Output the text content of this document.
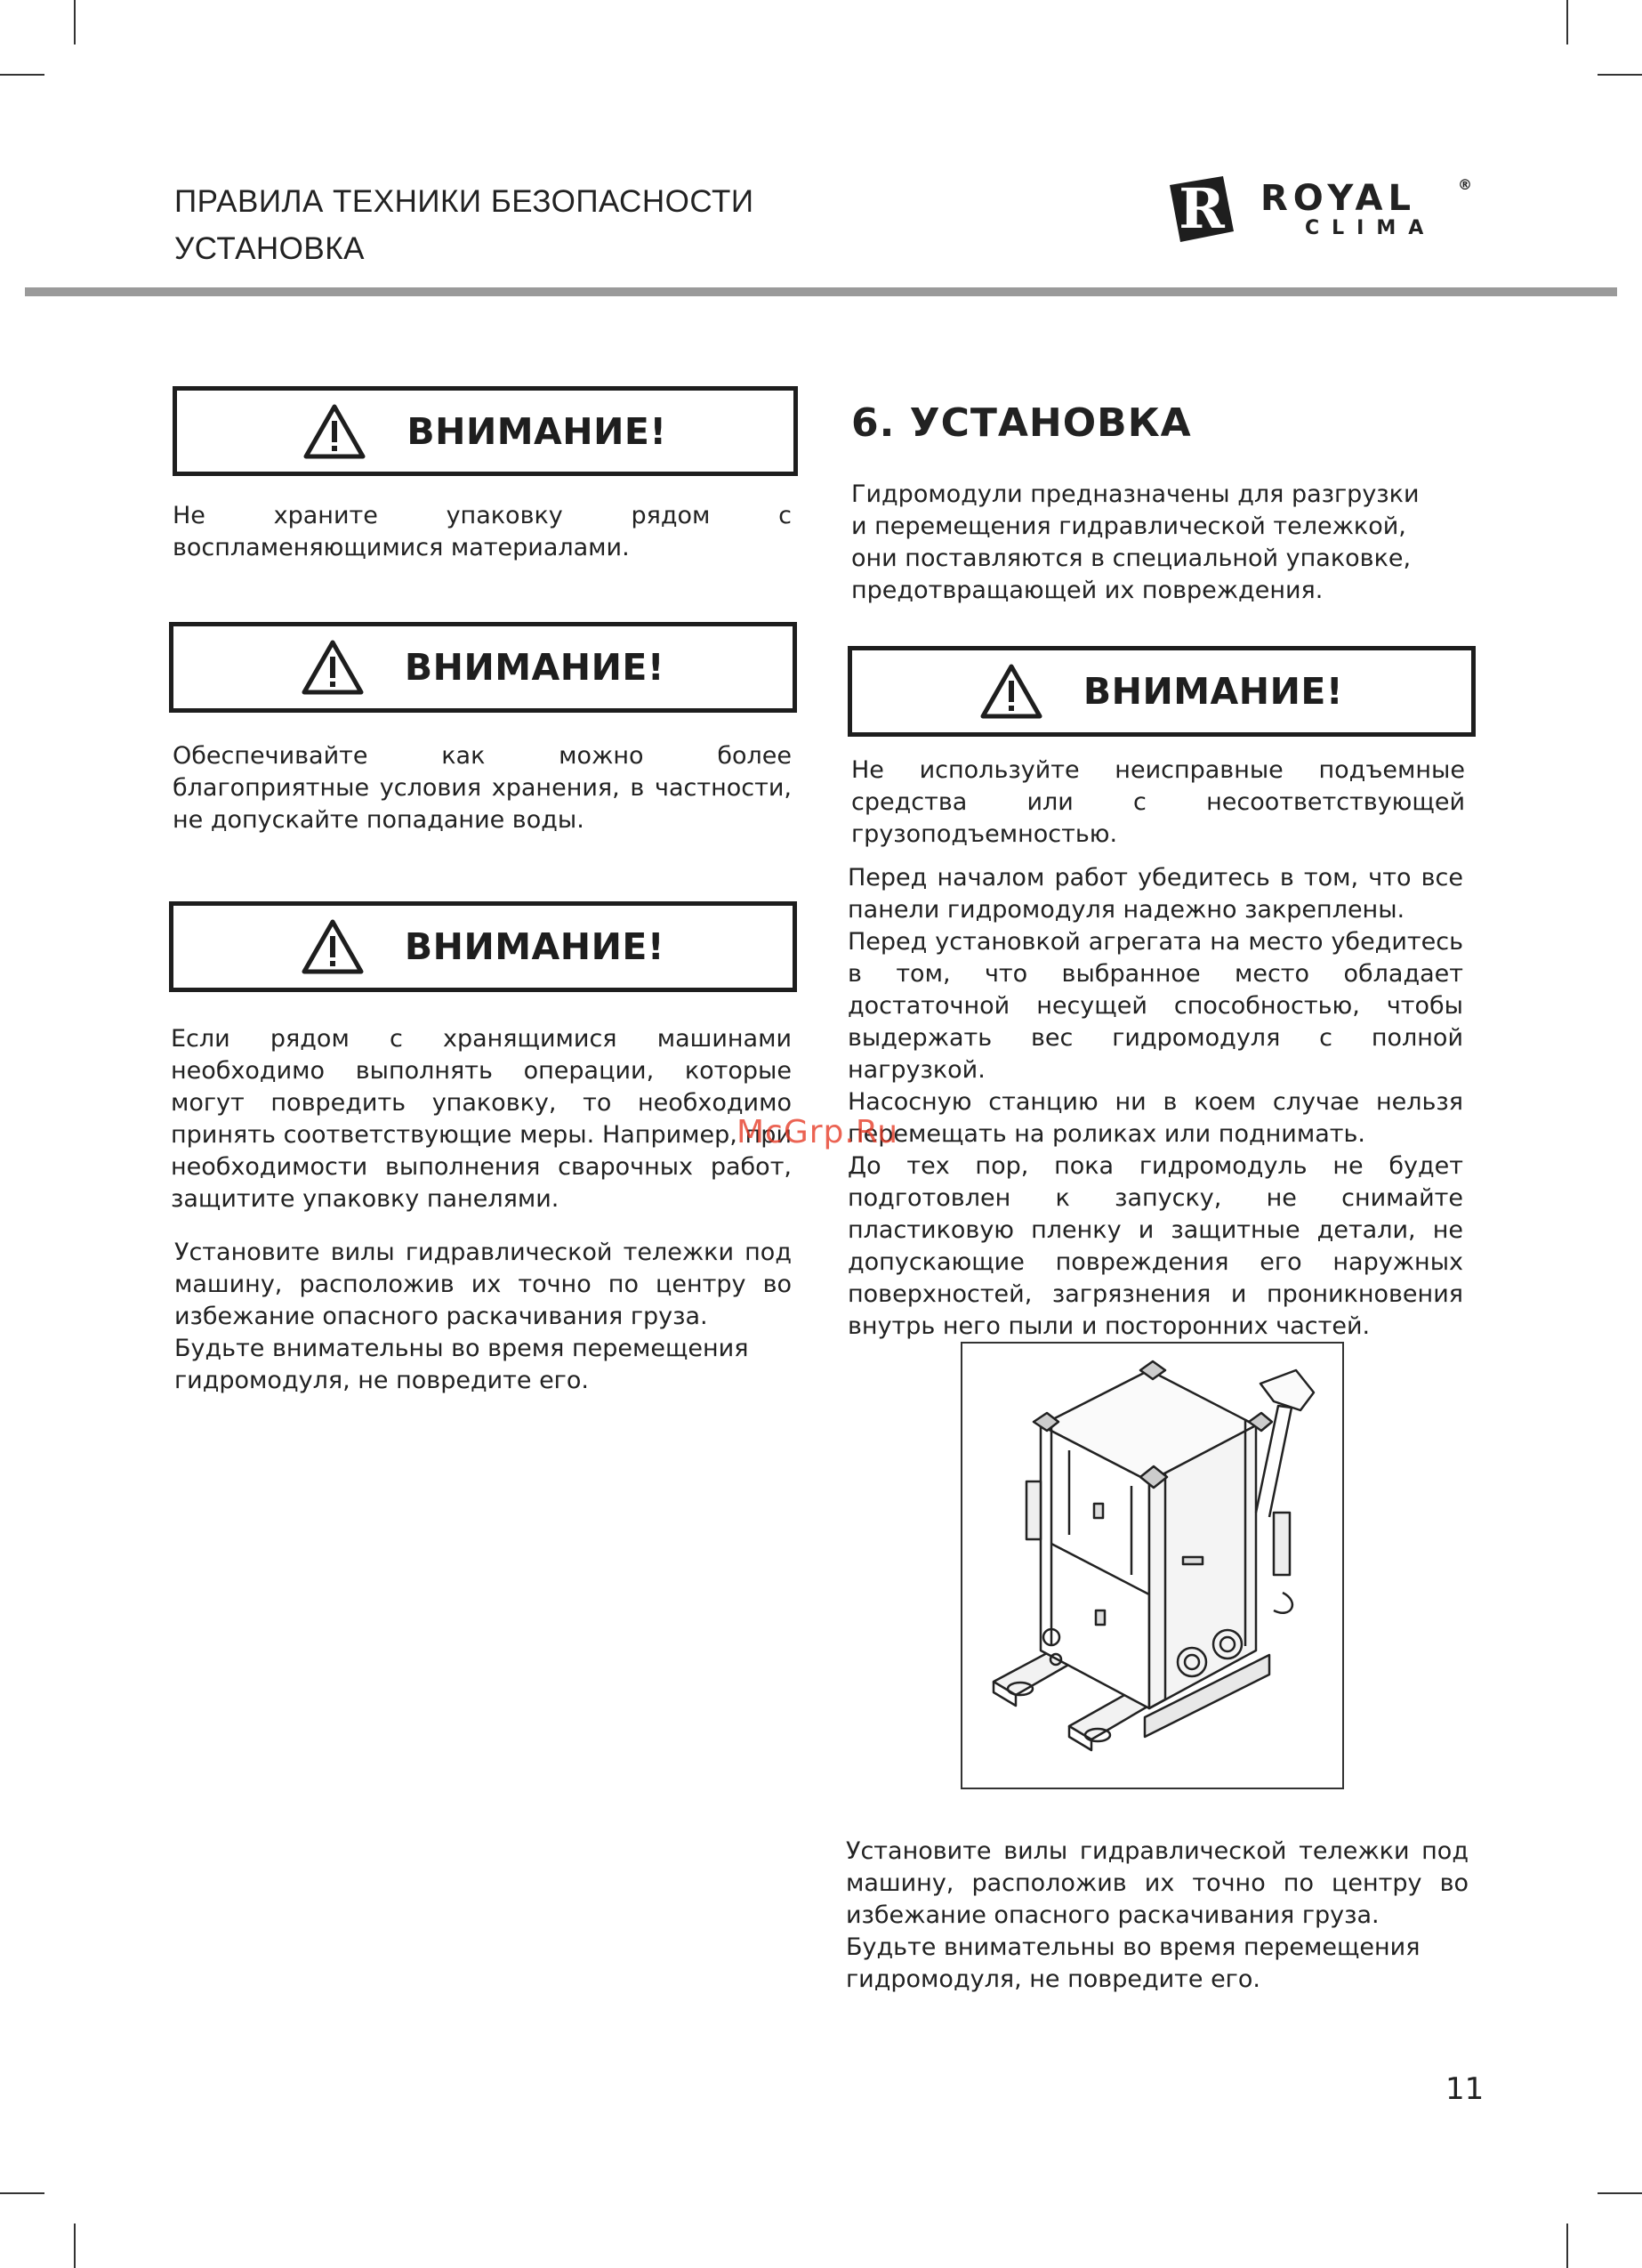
ПРАВИЛА ТЕХНИКИ БЕЗОПАСНОСТИ
УСТАНОВКА
R ROYAL	®
CLIMA
ВНИМАНИЕ!

Не храните упаковку рядом с воспламеняющимися материалами.

ВНИМАНИЕ!

Обеспечивайте как можно более благоприятные условия хранения, в частности, не допускайте попадание воды.

ВНИМАНИЕ!

Если рядом с хранящимися машинами необходимо выполнять операции, которые могут повредить упаковку, то необходимо принять соответствующие меры. Например, при необходимости выполнения сварочных работ, защитите упаковку панелями.

Установите вилы гидравлической тележки под машину, расположив их точно по центру во избежание опасного раскачивания груза.

Будьте внимательны во время перемещения гидромодуля, не повредите его.

6. УСТАНОВКА

Гидромодули предназначены для разгрузки

и перемещения гидравлической тележкой,

они поставляются в специальной упаковке,

предотвращающей их повреждения.

ВНИМАНИЕ!

Не используйте неисправные подъемные средства или с несоответствующей грузоподъемностью.

Перед началом работ убедитесь в том, что все панели гидромодуля надежно закреплены.

Перед установкой агрегата на место убедитесь в том, что выбранное место обладает достаточной несущей способностью, чтобы выдержать вес гидромодуля с полной нагрузкой.

Насосную станцию ни в коем случае нельзя перемещать на роликах или поднимать.

До тех пор, пока гидромодуль не будет подготовлен к запуску, не снимайте пластиковую пленку и защитные детали, не допускающие повреждения его наружных поверхностей, загрязнения и проникновения внутрь него пыли и посторонних частей.

Установите вилы гидравлической тележки под машину, расположив их точно по центру во избежание опасного раскачивания груза.

Будьте внимательны во время перемещения гидромодуля, не повредите его.

McGrp.Ru
11
